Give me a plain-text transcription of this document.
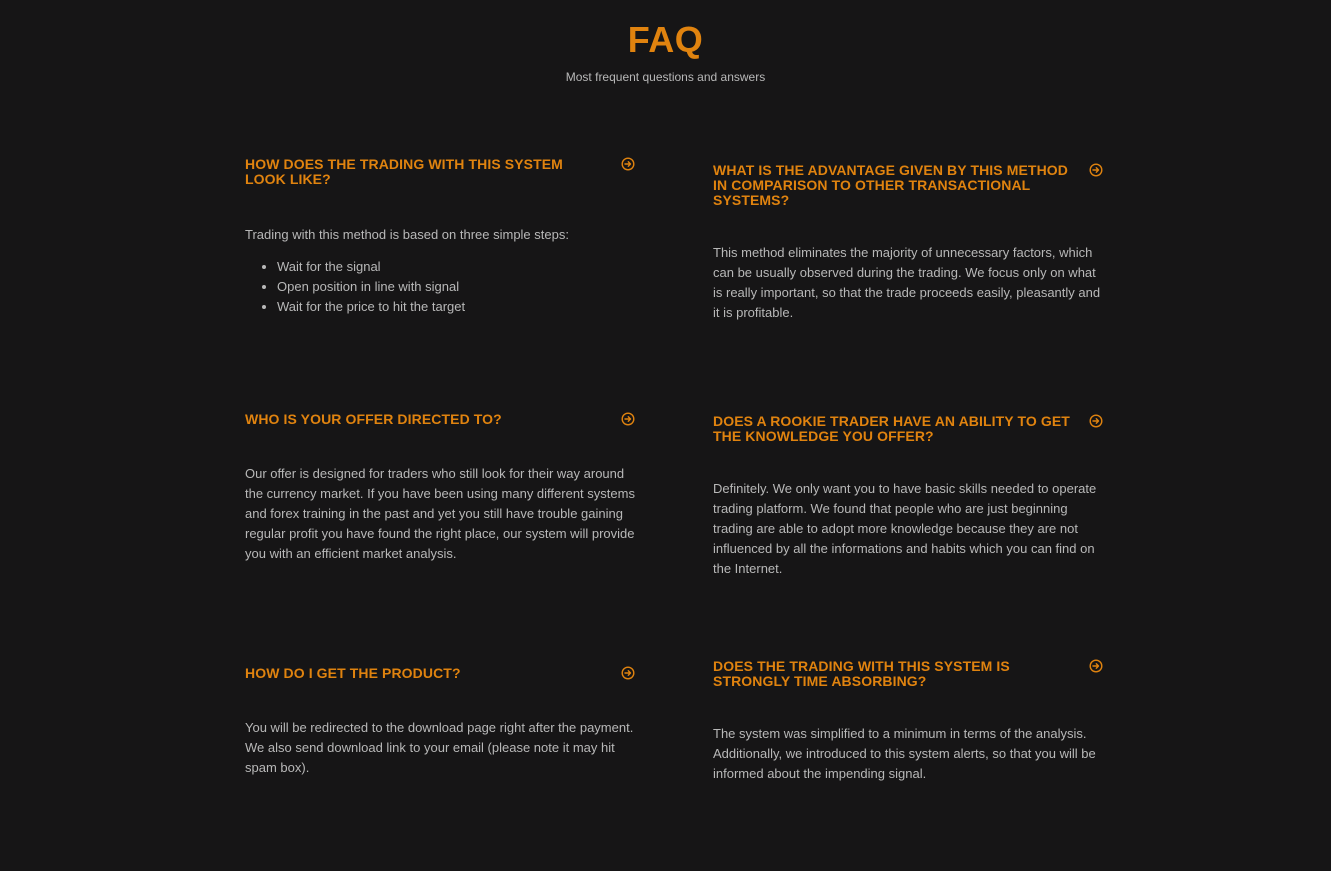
FAQ

Most frequent questions and answers

HOW DOES THE TRADING WITH THIS SYSTEM LOOK LIKE?

Trading with this method is based on three simple steps:

• Wait for the signal
• Open position in line with signal
• Wait for the price to hit the target
WHAT IS THE ADVANTAGE GIVEN BY THIS METHOD IN COMPARISON TO OTHER TRANSACTIONAL SYSTEMS?

This method eliminates the majority of unnecessary factors, which can be usually observed during the trading. We focus only on what is really important, so that the trade proceeds easily, pleasantly and it is profitable.

WHO IS YOUR OFFER DIRECTED TO?

Our offer is designed for traders who still look for their way around the currency market. If you have been using many different systems and forex training in the past and yet you still have trouble gaining regular profit you have found the right place, our system will provide you with an efficient market analysis.

DOES A ROOKIE TRADER HAVE AN ABILITY TO GET THE KNOWLEDGE YOU OFFER?

Definitely. We only want you to have basic skills needed to operate trading platform. We found that people who are just beginning trading are able to adopt more knowledge because they are not influenced by all the informations and habits which you can find on the Internet.

HOW DO I GET THE PRODUCT?

You will be redirected to the download page right after the payment. We also send download link to your email (please note it may hit spam box).

DOES THE TRADING WITH THIS SYSTEM IS STRONGLY TIME ABSORBING?

The system was simplified to a minimum in terms of the analysis. Additionally, we introduced to this system alerts, so that you will be informed about the impending signal.
